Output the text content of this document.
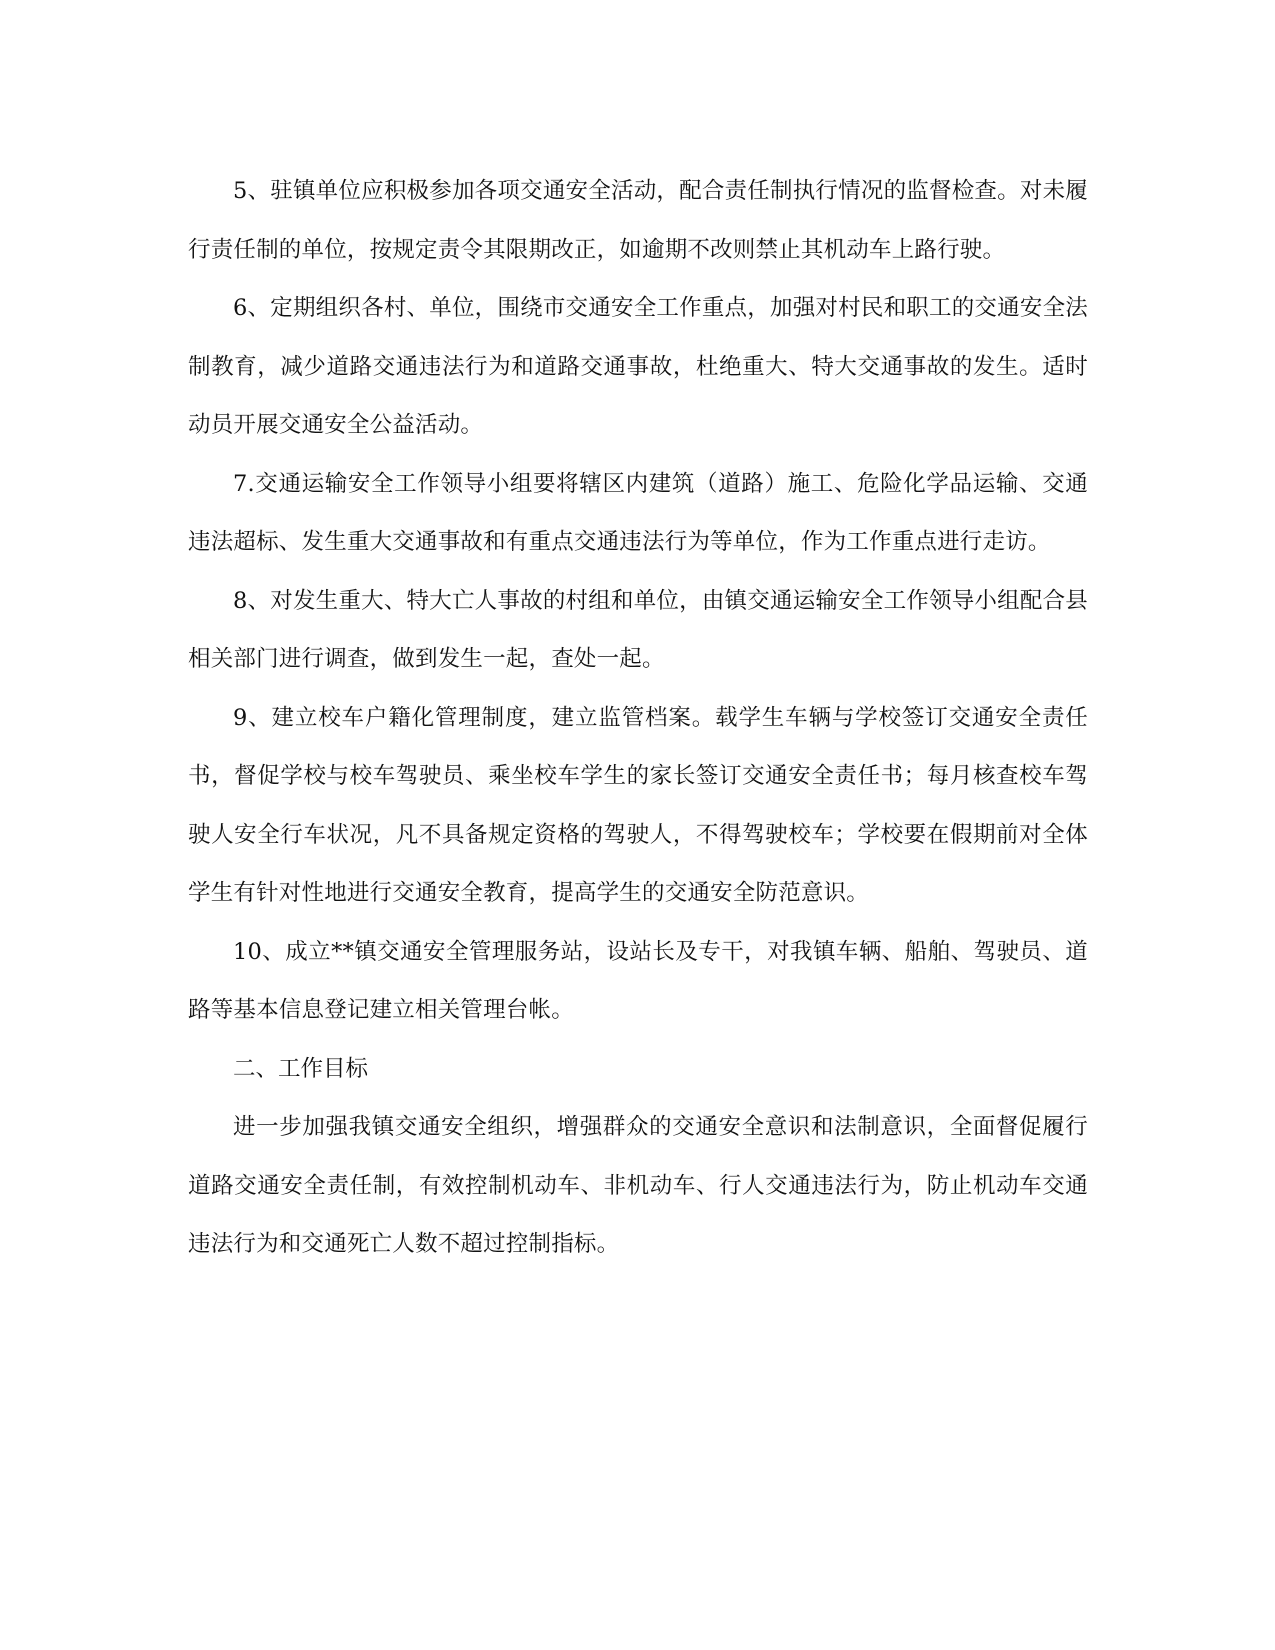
5、驻镇单位应积极参加各项交通安全活动，配合责任制执行情况的监督检查。对未履行责任制的单位，按规定责令其限期改正，如逾期不改则禁止其机动车上路行驶。

6、定期组织各村、单位，围绕市交通安全工作重点，加强对村民和职工的交通安全法制教育，减少道路交通违法行为和道路交通事故，杜绝重大、特大交通事故的发生。适时动员开展交通安全公益活动。

7.交通运输安全工作领导小组要将辖区内建筑（道路）施工、危险化学品运输、交通违法超标、发生重大交通事故和有重点交通违法行为等单位，作为工作重点进行走访。

8、对发生重大、特大亡人事故的村组和单位，由镇交通运输安全工作领导小组配合县相关部门进行调查，做到发生一起，查处一起。

9、建立校车户籍化管理制度，建立监管档案。载学生车辆与学校签订交通安全责任书，督促学校与校车驾驶员、乘坐校车学生的家长签订交通安全责任书；每月核查校车驾驶人安全行车状况，凡不具备规定资格的驾驶人，不得驾驶校车；学校要在假期前对全体学生有针对性地进行交通安全教育，提高学生的交通安全防范意识。

10、成立**镇交通安全管理服务站，设站长及专干，对我镇车辆、船舶、驾驶员、道路等基本信息登记建立相关管理台帐。

二、工作目标

进一步加强我镇交通安全组织，增强群众的交通安全意识和法制意识，全面督促履行道路交通安全责任制，有效控制机动车、非机动车、行人交通违法行为，防止机动车交通违法行为和交通死亡人数不超过控制指标。
